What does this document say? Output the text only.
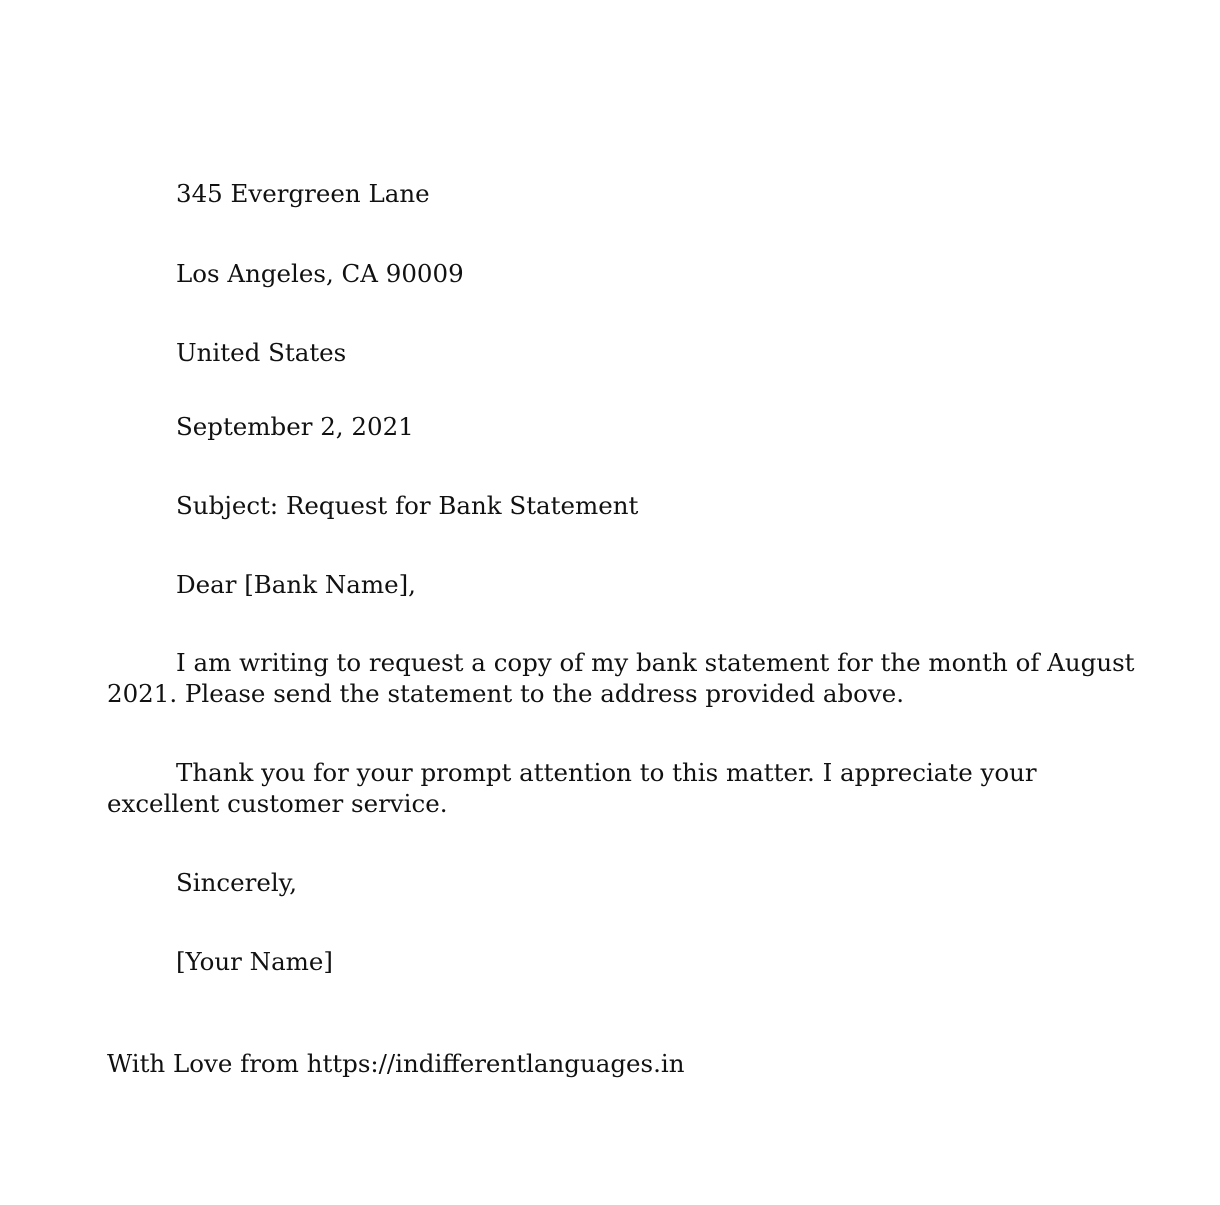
345 Evergreen Lane
Los Angeles, CA 90009
United States
September 2, 2021
Subject: Request for Bank Statement
Dear [Bank Name],
I am writing to request a copy of my bank statement for the month of August 2021. Please send the statement to the address provided above.
Thank you for your prompt attention to this matter. I appreciate your excellent customer service.
Sincerely,
[Your Name]
With Love from https://indifferentlanguages.in
